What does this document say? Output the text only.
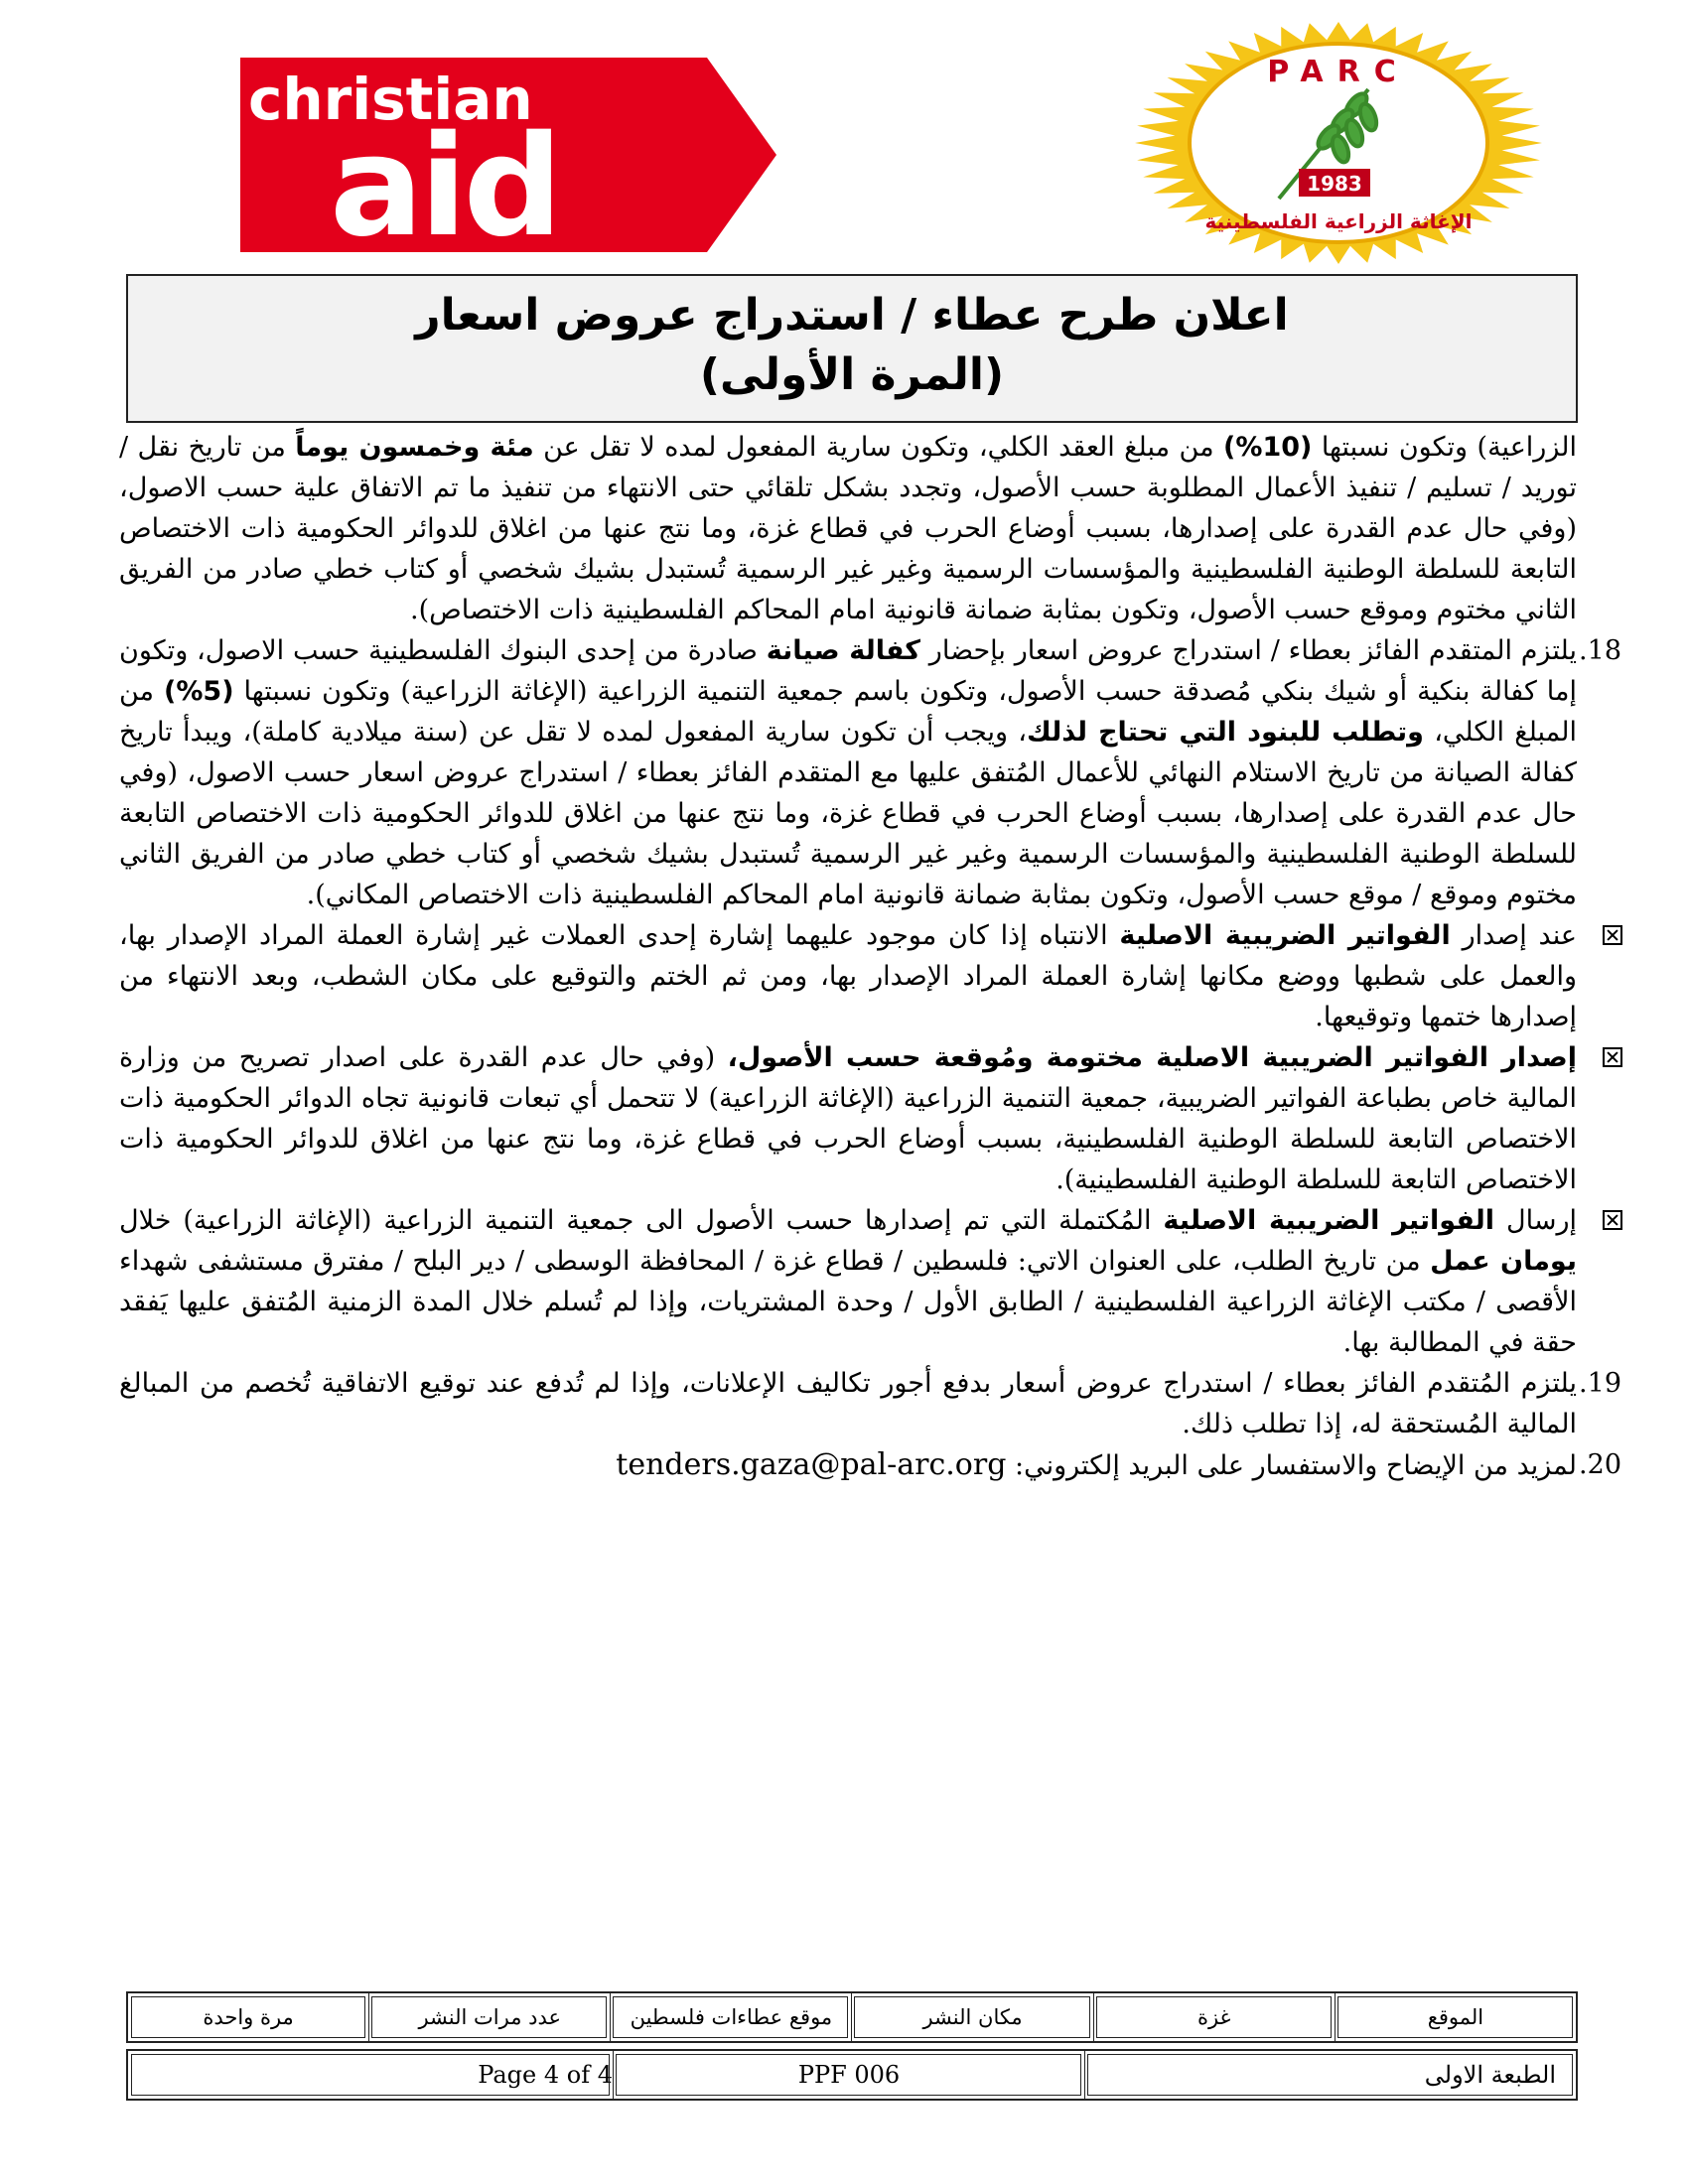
christian
aid
PARC
1983
الإغاثة الزراعية الفلسطينية
اعلان طرح عطاء / استدراج عروض اسعار
(المرة الأولى)

الزراعية) وتكون نسبتها (10%) من مبلغ العقد الكلي، وتكون سارية المفعول لمده لا تقل عن مئة وخمسون يوماً من تاريخ نقل / توريد / تسليم / تنفيذ الأعمال المطلوبة حسب الأصول، وتجدد بشكل تلقائي حتى الانتهاء من تنفيذ ما تم الاتفاق علية حسب الاصول، (وفي حال عدم القدرة على إصدارها، بسبب أوضاع الحرب في قطاع غزة، وما نتج عنها من اغلاق للدوائر الحكومية ذات الاختصاص التابعة للسلطة الوطنية الفلسطينية والمؤسسات الرسمية وغير غير الرسمية تُستبدل بشيك شخصي أو كتاب خطي صادر من الفريق الثاني مختوم وموقع حسب الأصول، وتكون بمثابة ضمانة قانونية امام المحاكم الفلسطينية ذات الاختصاص).

18.
يلتزم المتقدم الفائز بعطاء / استدراج عروض اسعار بإحضار كفالة صيانة صادرة من إحدى البنوك الفلسطينية حسب الاصول، وتكون إما كفالة بنكية أو شيك بنكي مُصدقة حسب الأصول، وتكون باسم جمعية التنمية الزراعية (الإغاثة الزراعية) وتكون نسبتها (5%) من المبلغ الكلي، وتطلب للبنود التي تحتاج لذلك، ويجب أن تكون سارية المفعول لمده لا تقل عن (سنة ميلادية كاملة)، ويبدأ تاريخ كفالة الصيانة من تاريخ الاستلام النهائي للأعمال المُتفق عليها مع المتقدم الفائز بعطاء / استدراج عروض اسعار حسب الاصول، (وفي حال عدم القدرة على إصدارها، بسبب أوضاع الحرب في قطاع غزة، وما نتج عنها من اغلاق للدوائر الحكومية ذات الاختصاص التابعة للسلطة الوطنية الفلسطينية والمؤسسات الرسمية وغير غير الرسمية تُستبدل بشيك شخصي أو كتاب خطي صادر من الفريق الثاني مختوم وموقع / موقع حسب الأصول، وتكون بمثابة ضمانة قانونية امام المحاكم الفلسطينية ذات الاختصاص المكاني).

عند إصدار الفواتير الضريبية الاصلية الانتباه إذا كان موجود عليهما إشارة إحدى العملات غير إشارة العملة المراد الإصدار بها، والعمل على شطبها ووضع مكانها إشارة العملة المراد الإصدار بها، ومن ثم الختم والتوقيع على مكان الشطب، وبعد الانتهاء من إصدارها ختمها وتوقيعها.

إصدار الفواتير الضريبية الاصلية مختومة ومُوقعة حسب الأصول، (وفي حال عدم القدرة على اصدار تصريح من وزارة المالية خاص بطباعة الفواتير الضريبية، جمعية التنمية الزراعية (الإغاثة الزراعية) لا تتحمل أي تبعات قانونية تجاه الدوائر الحكومية ذات الاختصاص التابعة للسلطة الوطنية الفلسطينية، بسبب أوضاع الحرب في قطاع غزة، وما نتج عنها من اغلاق للدوائر الحكومية ذات الاختصاص التابعة للسلطة الوطنية الفلسطينية).

إرسال الفواتير الضريبية الاصلية المُكتملة التي تم إصدارها حسب الأصول الى جمعية التنمية الزراعية (الإغاثة الزراعية) خلال يومان عمل من تاريخ الطلب، على العنوان الاتي: فلسطين / قطاع غزة / المحافظة الوسطى / دير البلح / مفترق مستشفى شهداء الأقصى / مكتب الإغاثة الزراعية الفلسطينية / الطابق الأول / وحدة المشتريات، وإذا لم تُسلم خلال المدة الزمنية المُتفق عليها يَفقد حقة في المطالبة بها.

19.
يلتزم المُتقدم الفائز بعطاء / استدراج عروض أسعار بدفع أجور تكاليف الإعلانات، وإذا لم تُدفع عند توقيع الاتفاقية تُخصم من المبالغ المالية المُستحقة له، إذا تطلب ذلك.

20.
لمزيد من الإيضاح والاستفسار على البريد إلكتروني: tenders.gaza@pal-arc.org

الموقع
غزة
مكان النشر
موقع عطاءات فلسطين
عدد مرات النشر
مرة واحدة
الطبعة الاولى
PPF 006
Page 4 of 4
